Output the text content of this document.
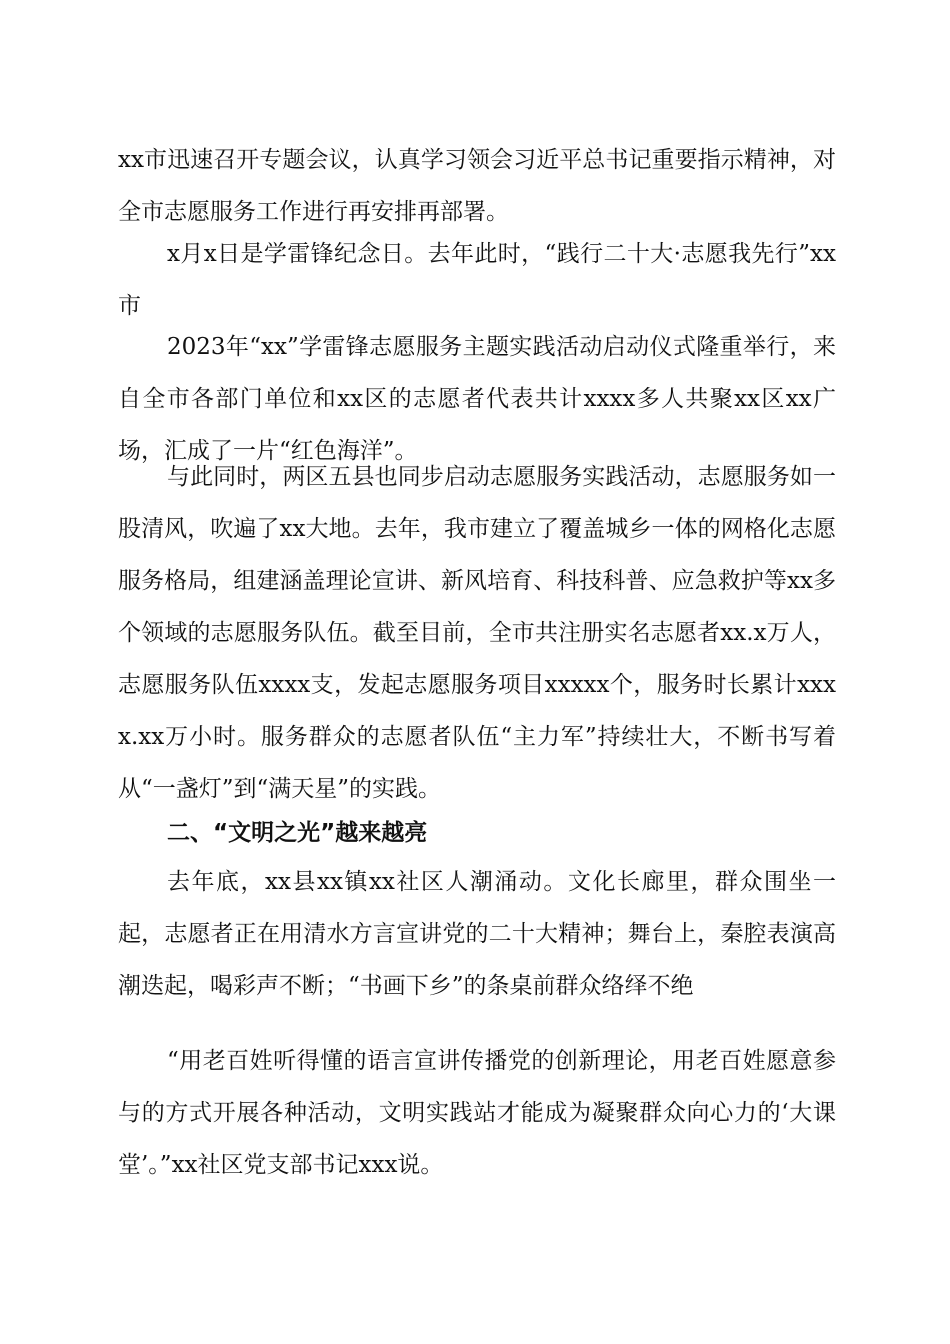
xx市迅速召开专题会议，认真学习领会习近平总书记重要指示精神，对全市志愿服务工作进行再安排再部署。

x月x日是学雷锋纪念日。去年此时，“践行二十大·志愿我先行”xx市

2023年“xx”学雷锋志愿服务主题实践活动启动仪式隆重举行，来自全市各部门单位和xx区的志愿者代表共计xxxx多人共聚xx区xx广场，汇成了一片“红色海洋”。

与此同时，两区五县也同步启动志愿服务实践活动，志愿服务如一股清风，吹遍了xx大地。去年，我市建立了覆盖城乡一体的网格化志愿服务格局，组建涵盖理论宣讲、新风培育、科技科普、应急救护等xx多个领域的志愿服务队伍。截至目前，全市共注册实名志愿者xx.x万人，志愿服务队伍xxxx支，发起志愿服务项目xxxxx个，服务时长累计xxxx.xx万小时。服务群众的志愿者队伍“主力军”持续壮大，不断书写着从“一盏灯”到“满天星”的实践。

二、“文明之光”越来越亮

去年底，xx县xx镇xx社区人潮涌动。文化长廊里，群众围坐一起，志愿者正在用清水方言宣讲党的二十大精神；舞台上，秦腔表演高潮迭起，喝彩声不断；“书画下乡”的条桌前群众络绎不绝

“用老百姓听得懂的语言宣讲传播党的创新理论，用老百姓愿意参与的方式开展各种活动，文明实践站才能成为凝聚群众向心力的‘大课堂’。”xx社区党支部书记xxx说。
